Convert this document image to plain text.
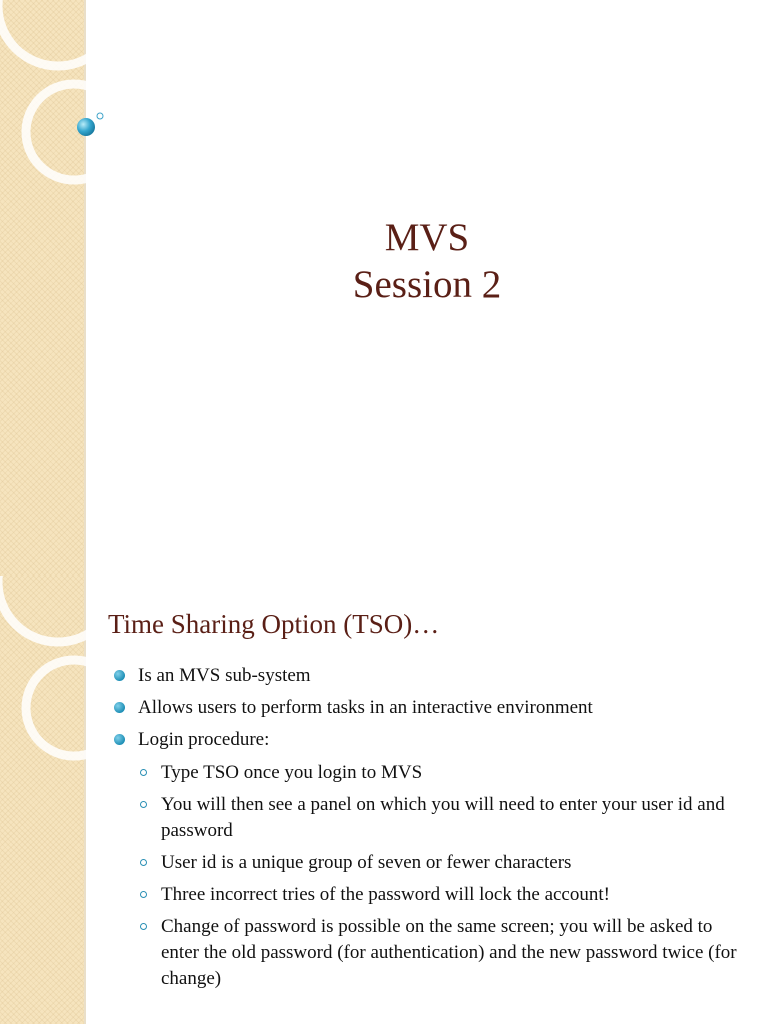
MVS
Session 2
Time Sharing Option (TSO)…
Is an MVS sub-system
Allows users to perform tasks in an interactive environment
Login procedure:
Type TSO once you login to MVS
You will then see a panel on which you will need to enter your user id and password
User id is a unique group of seven or fewer characters
Three incorrect tries of the password will lock the account!
Change of password is possible on the same screen; you will be asked to enter the old password (for authentication) and the new password twice (for change)
